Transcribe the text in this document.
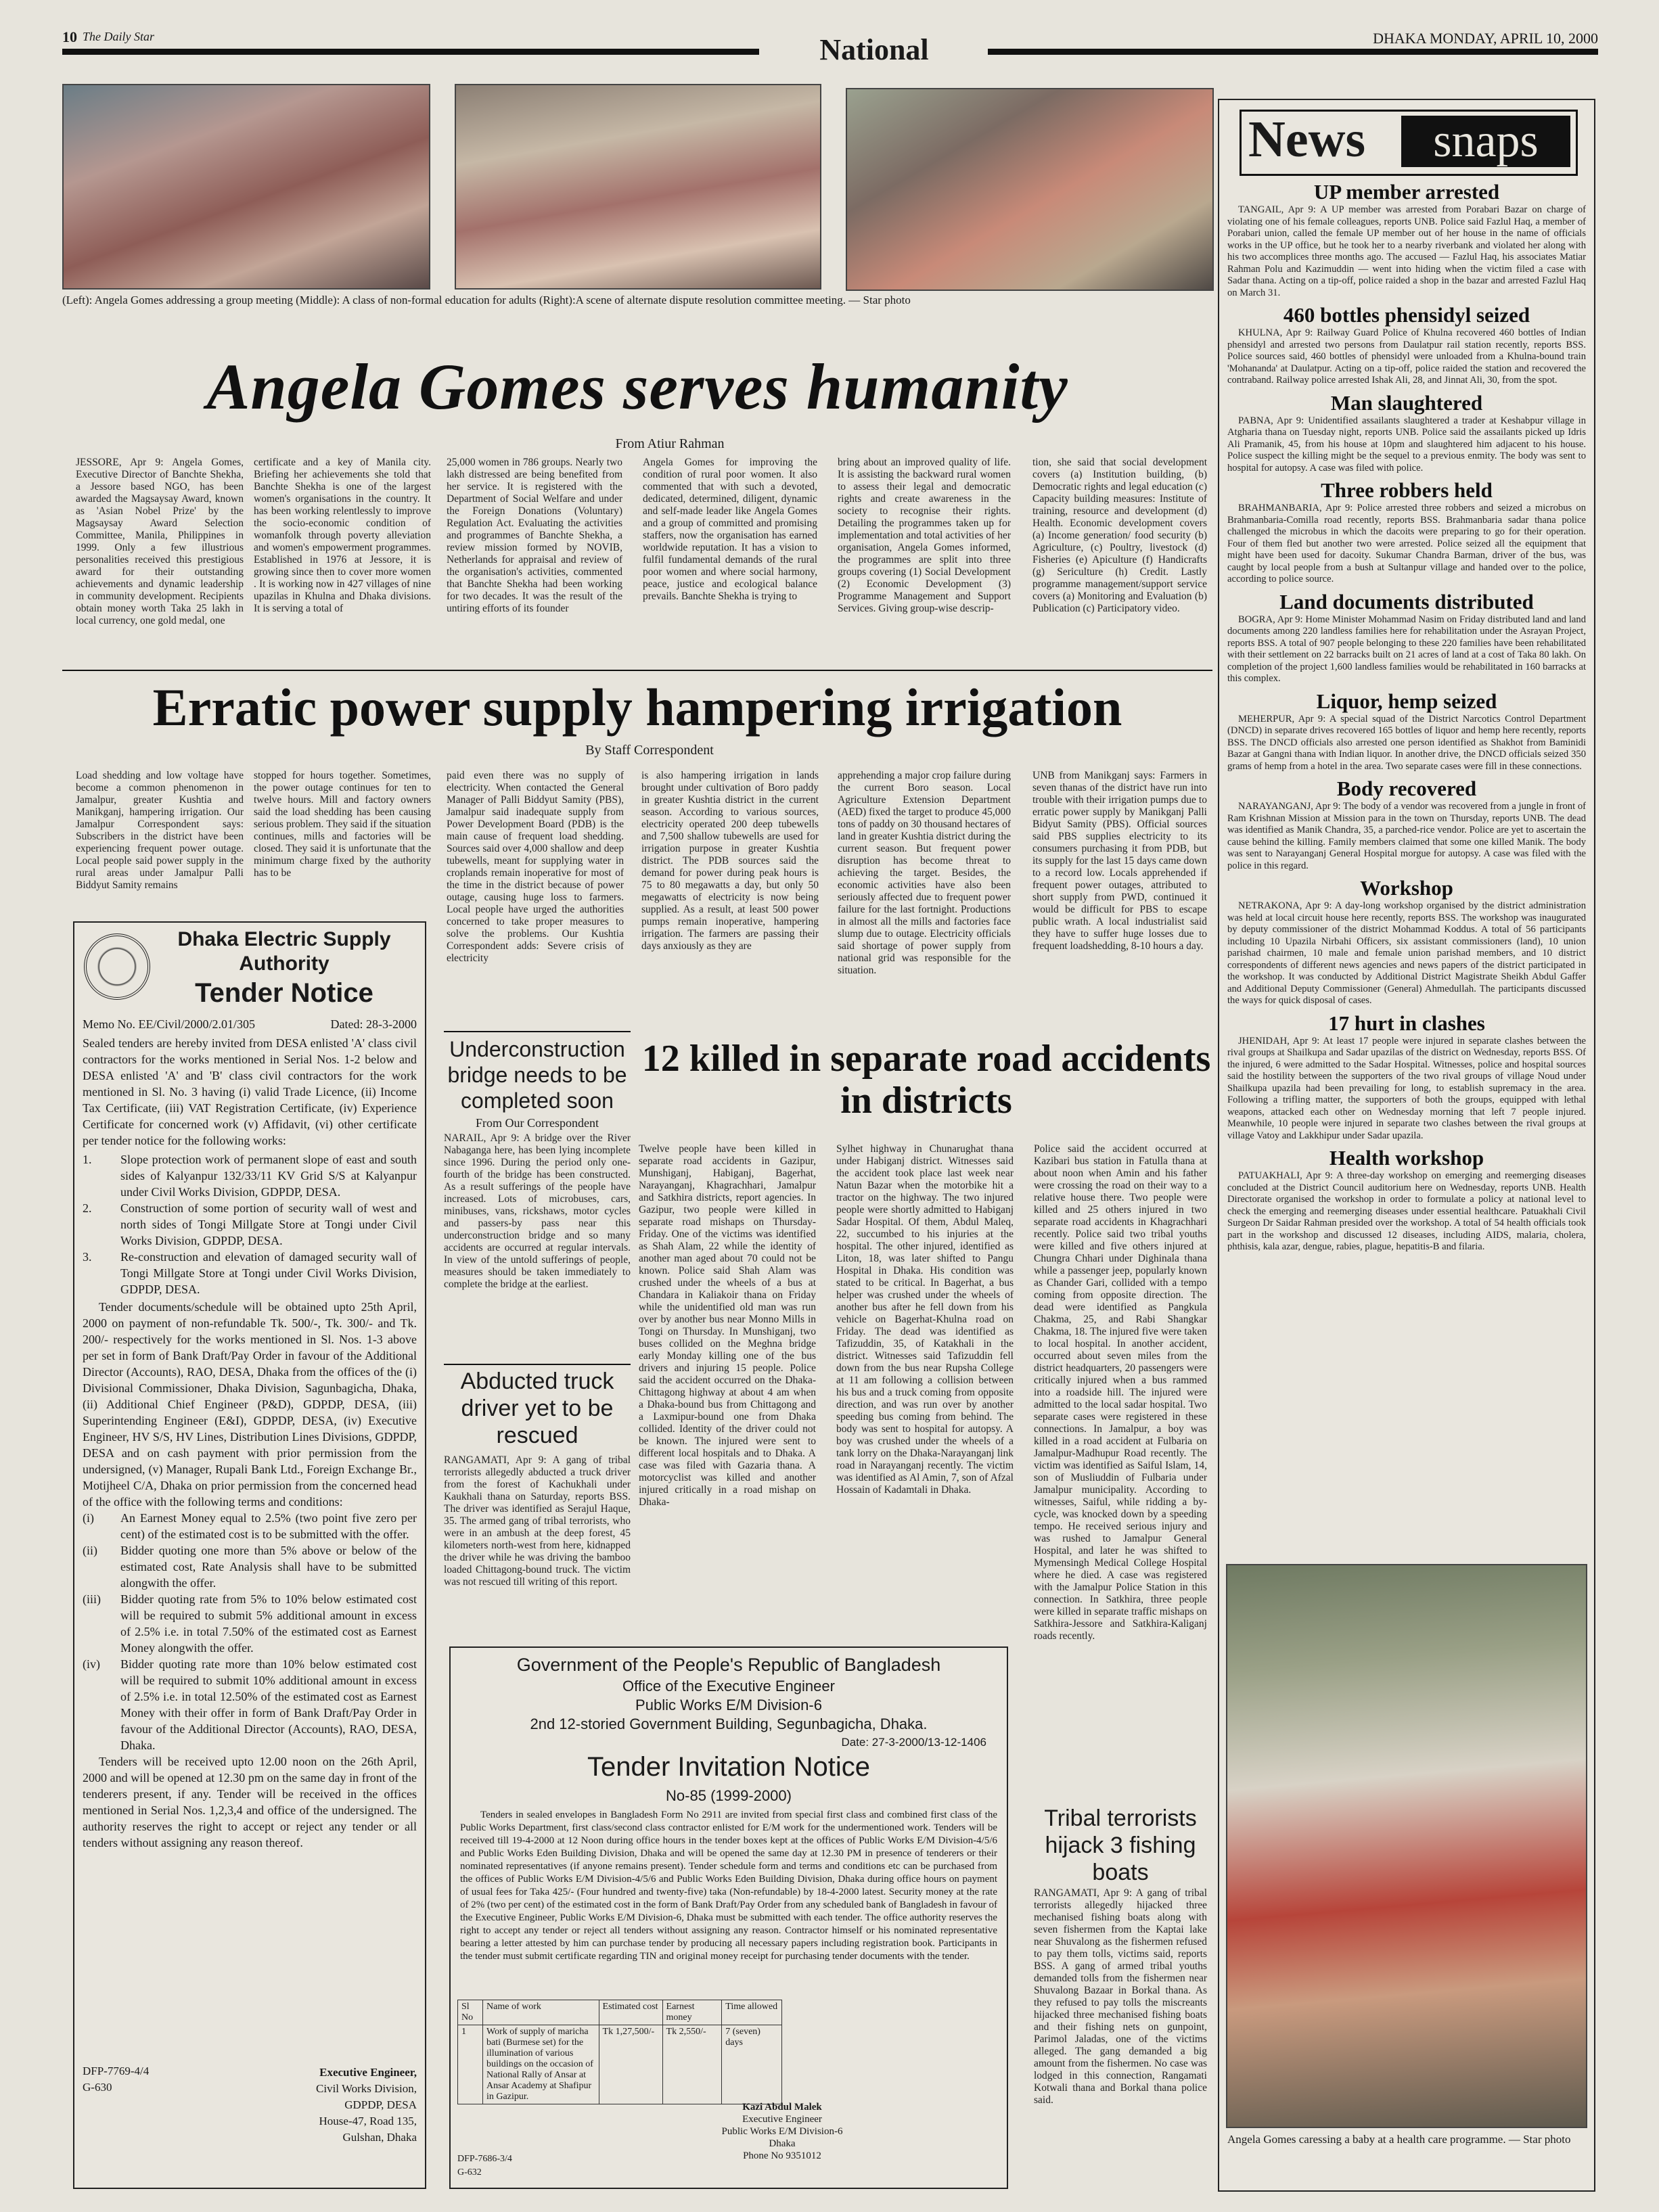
10 The Daily Star	National	DHAKA MONDAY, APRIL 10, 2000
(Left): Angela Gomes addressing a group meeting (Middle): A class of non-formal education for adults (Right):A scene of alternate dispute resolution committee meeting. — Star photo
Angela Gomes serves humanity
From Atiur Rahman
JESSORE, Apr 9: Angela Gomes, Executive Director of Banchte Shekha, a Jessore based NGO, has been awarded the Magsaysay Award, known as 'Asian Nobel Prize' by the Magsaysay Award Selection Committee, Manila, Philippines in 1999. Only a few illustrious personalities received this prestigious award for their outstanding achievements and dynamic leadership in community development. Recipients obtain money worth Taka 25 lakh in local currency, one gold medal, one
certificate and a key of Manila city. Briefing her achievements she told that Banchte Shekha is one of the largest women's organisations in the country. It has been working relentlessly to improve the socio-economic condition of womanfolk through poverty alleviation and women's empowerment programmes. Established in 1976 at Jessore, it is growing since then to cover more women . It is working now in 427 villages of nine upazilas in Khulna and Dhaka divisions. It is serving a total of
25,000 women in 786 groups. Nearly two lakh distressed are being benefited from her service. It is registered with the Department of Social Welfare and under the Foreign Donations (Voluntary) Regulation Act. Evaluating the activities and programmes of Banchte Shekha, a review mission formed by NOVIB, Netherlands for appraisal and review of the organisation's activities, commented that Banchte Shekha had been working for two decades. It was the result of the untiring efforts of its founder
Angela Gomes for improving the condition of rural poor women. It also commented that with such a devoted, dedicated, determined, diligent, dynamic and self-made leader like Angela Gomes and a group of committed and promising staffers, now the organisation has earned worldwide reputation. It has a vision to fulfil fundamental demands of the rural poor women and where social harmony, peace, justice and ecological balance prevails. Banchte Shekha is trying to
bring about an improved quality of life. It is assisting the backward rural women to assess their legal and democratic rights and create awareness in the society to recognise their rights. Detailing the programmes taken up for implementation and total activities of her organisation, Angela Gomes informed, the programmes are split into three groups covering (1) Social Development (2) Economic Development (3) Programme Management and Support Services. Giving group-wise descrip-
tion, she said that social development covers (a) Institution building, (b) Democratic rights and legal education (c) Capacity building measures: Institute of training, resource and development (d) Health. Economic development covers (a) Income generation/ food security (b) Agriculture, (c) Poultry, livestock (d) Fisheries (e) Apiculture (f) Handicrafts (g) Sericulture (h) Credit. Lastly programme management/support service covers (a) Monitoring and Evaluation (b) Publication (c) Participatory video.
Erratic power supply hampering irrigation
By Staff Correspondent
Load shedding and low voltage have become a common phenomenon in Jamalpur, greater Kushtia and Manikganj, hampering irrigation. Our Jamalpur Correspondent says: Subscribers in the district have been experiencing frequent power outage. Local people said power supply in the rural areas under Jamalpur Palli Biddyut Samity remains
stopped for hours together. Sometimes, the power outage continues for ten to twelve hours. Mill and factory owners said the load shedding has been causing serious problem. They said if the situation continues, mills and factories will be closed. They said it is unfortunate that the minimum charge fixed by the authority has to be
paid even there was no supply of electricity. When contacted the General Manager of Palli Biddyut Samity (PBS), Jamalpur said inadequate supply from Power Development Board (PDB) is the main cause of frequent load shedding. Sources said over 4,000 shallow and deep tubewells, meant for supplying water in croplands remain inoperative for most of the time in the district because of power outage, causing huge loss to farmers. Local people have urged the authorities concerned to take proper measures to solve the problems. Our Kushtia Correspondent adds: Severe crisis of electricity
is also hampering irrigation in lands brought under cultivation of Boro paddy in greater Kushtia district in the current season. According to various sources, electricity operated 200 deep tubewells and 7,500 shallow tubewells are used for irrigation purpose in greater Kushtia district. The PDB sources said the demand for power during peak hours is 75 to 80 megawatts a day, but only 50 megawatts of electricity is now being supplied. As a result, at least 500 power pumps remain inoperative, hampering irrigation. The farmers are passing their days anxiously as they are
apprehending a major crop failure during the current Boro season. Local Agriculture Extension Department (AED) fixed the target to produce 45,000 tons of paddy on 30 thousand hectares of land in greater Kushtia district during the current season. But frequent power disruption has become threat to achieving the target. Besides, the economic activities have also been seriously affected due to frequent power failure for the last fortnight. Productions in almost all the mills and factories face slump due to outage. Electricity officials said shortage of power supply from national grid was responsible for the situation.
UNB from Manikganj says: Farmers in seven thanas of the district have run into trouble with their irrigation pumps due to erratic power supply by Manikganj Palli Bidyut Samity (PBS). Official sources said PBS supplies electricity to its consumers purchasing it from PDB, but its supply for the last 15 days came down to a record low. Locals apprehended if frequent power outages, attributed to short supply from PWD, continued it would be difficult for PBS to escape public wrath. A local industrialist said they have to suffer huge losses due to frequent loadshedding, 8-10 hours a day.
Dhaka Electric Supply
Authority
Tender Notice
Memo No. EE/Civil/2000/2.01/305	Dated: 28-3-2000
Sealed tenders are hereby invited from DESA enlisted 'A' class civil contractors for the works mentioned in Serial Nos. 1-2 below and DESA enlisted 'A' and 'B' class civil contractors for the work mentioned in Sl. No. 3 having (i) valid Trade Licence, (ii) Income Tax Certificate, (iii) VAT Registration Certificate, (iv) Experience Certificate for concerned work (v) Affidavit, (vi) other certificate per tender notice for the following works:
1.	Slope protection work of permanent slope of east and south sides of Kalyanpur 132/33/11 KV Grid S/S at Kalyanpur under Civil Works Division, GDPDP, DESA.
2.	Construction of some portion of security wall of west and north sides of Tongi Millgate Store at Tongi under Civil Works Division, GDPDP, DESA.
3.	Re-construction and elevation of damaged security wall of Tongi Millgate Store at Tongi under Civil Works Division, GDPDP, DESA.
Tender documents/schedule will be obtained upto 25th April, 2000 on payment of non-refundable Tk. 500/-, Tk. 300/- and Tk. 200/- respectively for the works mentioned in Sl. Nos. 1-3 above per set in form of Bank Draft/Pay Order in favour of the Additional Director (Accounts), RAO, DESA, Dhaka from the offices of the (i) Divisional Commissioner, Dhaka Division, Sagunbagicha, Dhaka, (ii) Additional Chief Engineer (P&D), GDPDP, DESA, (iii) Superintending Engineer (E&I), GDPDP, DESA, (iv) Executive Engineer, HV S/S, HV Lines, Distribution Lines Divisions, GDPDP, DESA and on cash payment with prior permission from the undersigned, (v) Manager, Rupali Bank Ltd., Foreign Exchange Br., Motijheel C/A, Dhaka on prior permission from the concerned head of the office with the following terms and conditions:
(i)	An Earnest Money equal to 2.5% (two point five zero per cent) of the estimated cost is to be submitted with the offer.
(ii)	Bidder quoting one more than 5% above or below of the estimated cost, Rate Analysis shall have to be submitted alongwith the offer.
(iii)	Bidder quoting rate from 5% to 10% below estimated cost will be required to submit 5% additional amount in excess of 2.5% i.e. in total 7.50% of the estimated cost as Earnest Money alongwith the offer.
(iv)	Bidder quoting rate more than 10% below estimated cost will be required to submit 10% additional amount in excess of 2.5% i.e. in total 12.50% of the estimated cost as Earnest Money with their offer in form of Bank Draft/Pay Order in favour of the Additional Director (Accounts), RAO, DESA, Dhaka.
Tenders will be received upto 12.00 noon on the 26th April, 2000 and will be opened at 12.30 pm on the same day in front of the tenderers present, if any. Tender will be received in the offices mentioned in Serial Nos. 1,2,3,4 and office of the undersigned. The authority reserves the right to accept or reject any tender or all tenders without assigning any reason thereof.
DFP-7769-4/4
G-630
Executive Engineer,
Civil Works Division,
GDPDP, DESA
House-47, Road 135,
Gulshan, Dhaka
Underconstruction bridge needs to be completed soon
From Our Correspondent
NARAIL, Apr 9: A bridge over the River Nabaganga here, has been lying incomplete since 1996. During the period only one-fourth of the bridge has been constructed. As a result sufferings of the people have increased. Lots of microbuses, cars, minibuses, vans, rickshaws, motor cycles and passers-by pass near this underconstruction bridge and so many accidents are occurred at regular intervals. In view of the untold sufferings of people, measures should be taken immediately to complete the bridge at the earliest.
Abducted truck driver yet to be rescued
RANGAMATI, Apr 9: A gang of tribal terrorists allegedly abducted a truck driver from the forest of Kachukhali under Kaukhali thana on Saturday, reports BSS. The driver was identified as Serajul Haque, 35. The armed gang of tribal terrorists, who were in an ambush at the deep forest, 45 kilometers north-west from here, kidnapped the driver while he was driving the bamboo loaded Chittagong-bound truck. The victim was not rescued till writing of this report.
12 killed in separate road accidents in districts
Twelve people have been killed in separate road accidents in Gazipur, Munshiganj, Habiganj, Bagerhat, Narayanganj, Khagrachhari, Jamalpur and Satkhira districts, report agencies. In Gazipur, two people were killed in separate road mishaps on Thursday-Friday. One of the victims was identified as Shah Alam, 22 while the identity of another man aged about 70 could not be known. Police said Shah Alam was crushed under the wheels of a bus at Chandara in Kaliakoir thana on Friday while the unidentified old man was run over by another bus near Monno Mills in Tongi on Thursday. In Munshiganj, two buses collided on the Meghna bridge early Monday killing one of the bus drivers and injuring 15 people. Police said the accident occurred on the Dhaka-Chittagong highway at about 4 am when a Dhaka-bound bus from Chittagong and a Laxmipur-bound one from Dhaka collided. Identity of the driver could not be known. The injured were sent to different local hospitals and to Dhaka. A case was filed with Gazaria thana. A motorcyclist was killed and another injured critically in a road mishap on Dhaka-
Sylhet highway in Chunarughat thana under Habiganj district. Witnesses said the accident took place last week near Natun Bazar when the motorbike hit a tractor on the highway. The two injured people were shortly admitted to Habiganj Sadar Hospital. Of them, Abdul Maleq, 22, succumbed to his injuries at the hospital. The other injured, identified as Liton, 18, was later shifted to Pangu Hospital in Dhaka. His condition was stated to be critical. In Bagerhat, a bus helper was crushed under the wheels of another bus after he fell down from his vehicle on Bagerhat-Khulna road on Friday. The dead was identified as Tafizuddin, 35, of Katakhali in the district. Witnesses said Tafizuddin fell down from the bus near Rupsha College at 11 am following a collision between his bus and a truck coming from opposite direction, and was run over by another speeding bus coming from behind. The body was sent to hospital for autopsy. A boy was crushed under the wheels of a tank lorry on the Dhaka-Narayanganj link road in Narayanganj recently. The victim was identified as Al Amin, 7, son of Afzal Hossain of Kadamtali in Dhaka.
Police said the accident occurred at Kazibari bus station in Fatulla thana at about noon when Amin and his father were crossing the road on their way to a relative house there. Two people were killed and 25 others injured in two separate road accidents in Khagrachhari recently. Police said two tribal youths were killed and five others injured at Chungra Chhari under Dighinala thana while a passenger jeep, popularly known as Chander Gari, collided with a tempo coming from opposite direction. The dead were identified as Pangkula Chakma, 25, and Rabi Shangkar Chakma, 18. The injured five were taken to local hospital. In another accident, occurred about seven miles from the district headquarters, 20 passengers were critically injured when a bus rammed into a roadside hill. The injured were admitted to the local sadar hospital. Two separate cases were registered in these connections. In Jamalpur, a boy was killed in a road accident at Fulbaria on Jamalpur-Madhupur Road recently. The victim was identified as Saiful Islam, 14, son of Musliuddin of Fulbaria under Jamalpur municipality. According to witnesses, Saiful, while ridding a by-cycle, was knocked down by a speeding tempo. He received serious injury and was rushed to Jamalpur General Hospital, and later he was shifted to Mymensingh Medical College Hospital where he died. A case was registered with the Jamalpur Police Station in this connection. In Satkhira, three people were killed in separate traffic mishaps on Satkhira-Jessore and Satkhira-Kaliganj roads recently.
Government of the People's Republic of Bangladesh
Office of the Executive Engineer
Public Works E/M Division-6
2nd 12-storied Government Building, Segunbagicha, Dhaka.
Date: 27-3-2000/13-12-1406
Tender Invitation Notice
No-85 (1999-2000)
Tenders in sealed envelopes in Bangladesh Form No 2911 are invited from special first class and combined first class of the Public Works Department, first class/second class contractor enlisted for E/M work for the undermentioned work. Tenders will be received till 19-4-2000 at 12 Noon during office hours in the tender boxes kept at the offices of Public Works E/M Division-4/5/6 and Public Works Eden Building Division, Dhaka and will be opened the same day at 12.30 PM in presence of tenderers or their nominated representatives (if anyone remains present). Tender schedule form and terms and conditions etc can be purchased from the offices of Public Works E/M Division-4/5/6 and Public Works Eden Building Division, Dhaka during office hours on payment of usual fees for Taka 425/- (Four hundred and twenty-five) taka (Non-refundable) by 18-4-2000 latest. Security money at the rate of 2% (two per cent) of the estimated cost in the form of Bank Draft/Pay Order from any scheduled bank of Bangladesh in favour of the Executive Engineer, Public Works E/M Division-6, Dhaka must be submitted with each tender. The office authority reserves the right to accept any tender or reject all tenders without assigning any reason. Contractor himself or his nominated representative bearing a letter attested by him can purchase tender by producing all necessary papers including registration book. Participants in the tender must submit certificate regarding TIN and original money receipt for purchasing tender documents with the tender.
Sl No	Name of work	Estimated cost	Earnest money	Time allowed
1	Work of supply of maricha bati (Burmese set) for the illumination of various buildings on the occasion of National Rally of Ansar at Ansar Academy at Shafipur in Gazipur.	Tk 1,27,500/-	Tk 2,550/-	7 (seven) days
Kazi Abdul Malek
Executive Engineer
Public Works E/M Division-6
Dhaka
Phone No 9351012
DFP-7686-3/4
G-632
Tribal terrorists hijack 3 fishing boats
RANGAMATI, Apr 9: A gang of tribal terrorists allegedly hijacked three mechanised fishing boats along with seven fishermen from the Kaptai lake near Shuvalong as the fishermen refused to pay them tolls, victims said, reports BSS. A gang of armed tribal youths demanded tolls from the fishermen near Shuvalong Bazaar in Borkal thana. As they refused to pay tolls the miscreants hijacked three mechanised fishing boats and their fishing nets on gunpoint, Parimol Jaladas, one of the victims alleged. The gang demanded a big amount from the fishermen. No case was lodged in this connection, Rangamati Kotwali thana and Borkal thana police said.
News	snaps

UP member arrested

TANGAIL, Apr 9: A UP member was arrested from Porabari Bazar on charge of violating one of his female colleagues, reports UNB. Police said Fazlul Haq, a member of Porabari union, called the female UP member out of her house in the name of officials works in the UP office, but he took her to a nearby riverbank and violated her along with his two accomplices three months ago. The accused — Fazlul Haq, his associates Matiar Rahman Polu and Kazimuddin — went into hiding when the victim filed a case with Sadar thana. Acting on a tip-off, police raided a shop in the bazar and arrested Fazlul Haq on March 31.

460 bottles phensidyl seized

KHULNA, Apr 9: Railway Guard Police of Khulna recovered 460 bottles of Indian phensidyl and arrested two persons from Daulatpur rail station recently, reports BSS. Police sources said, 460 bottles of phensidyl were unloaded from a Khulna-bound train 'Mohananda' at Daulatpur. Acting on a tip-off, police raided the station and recovered the contraband. Railway police arrested Ishak Ali, 28, and Jinnat Ali, 30, from the spot.

Man slaughtered

PABNA, Apr 9: Unidentified assailants slaughtered a trader at Keshabpur village in Atgharia thana on Tuesday night, reports UNB. Police said the assailants picked up Idris Ali Pramanik, 45, from his house at 10pm and slaughtered him adjacent to his house. Police suspect the killing might be the sequel to a previous enmity. The body was sent to hospital for autopsy. A case was filed with police.

Three robbers held

BRAHMANBARIA, Apr 9: Police arrested three robbers and seized a microbus on Brahmanbaria-Comilla road recently, reports BSS. Brahmanbaria sadar thana police challenged the microbus in which the dacoits were preparing to go for their operation. Four of them fled but another two were arrested. Police seized all the equipment that might have been used for dacoity. Sukumar Chandra Barman, driver of the bus, was caught by local people from a bush at Sultanpur village and handed over to the police, according to police source.

Land documents distributed

BOGRA, Apr 9: Home Minister Mohammad Nasim on Friday distributed land and land documents among 220 landless families here for rehabilitation under the Asrayan Project, reports BSS. A total of 907 people belonging to these 220 families have been rehabilitated with their settlement on 22 barracks built on 21 acres of land at a cost of Taka 80 lakh. On completion of the project 1,600 landless families would be rehabilitated in 160 barracks at this complex.

Liquor, hemp seized

MEHERPUR, Apr 9: A special squad of the District Narcotics Control Department (DNCD) in separate drives recovered 165 bottles of liquor and hemp here recently, reports BSS. The DNCD officials also arrested one person identified as Shakhot from Baminidi Bazar at Gangni thana with Indian liquor. In another drive, the DNCD officials seized 350 grams of hemp from a hotel in the area. Two separate cases were fill in these connections.

Body recovered

NARAYANGANJ, Apr 9: The body of a vendor was recovered from a jungle in front of Ram Krishnan Mission at Mission para in the town on Thursday, reports UNB. The dead was identified as Manik Chandra, 35, a parched-rice vendor. Police are yet to ascertain the cause behind the killing. Family members claimed that some one killed Manik. The body was sent to Narayanganj General Hospital morgue for autopsy. A case was filed with the police in this regard.

Workshop

NETRAKONA, Apr 9: A day-long workshop organised by the district administration was held at local circuit house here recently, reports BSS. The workshop was inaugurated by deputy commissioner of the district Mohammad Koddus. A total of 56 participants including 10 Upazila Nirbahi Officers, six assistant commissioners (land), 10 union parishad chairmen, 10 male and female union parishad members, and 10 district correspondents of different news agencies and news papers of the district participated in the workshop. It was conducted by Additional District Magistrate Sheikh Abdul Gaffer and Additional Deputy Commissioner (General) Ahmedullah. The participants discussed the ways for quick disposal of cases.

17 hurt in clashes

JHENIDAH, Apr 9: At least 17 people were injured in separate clashes between the rival groups at Shailkupa and Sadar upazilas of the district on Wednesday, reports BSS. Of the injured, 6 were admitted to the Sadar Hospital. Witnesses, police and hospital sources said the hostility between the supporters of the two rival groups of village Noud under Shailkupa upazila had been prevailing for long, to establish supremacy in the area. Following a trifling matter, the supporters of both the groups, equipped with lethal weapons, attacked each other on Wednesday morning that left 7 people injured. Meanwhile, 10 people were injured in separate two clashes between the rival groups at village Vatoy and Lakkhipur under Sadar upazila.

Health workshop

PATUAKHALI, Apr 9: A three-day workshop on emerging and reemerging diseases concluded at the District Council auditorium here on Wednesday, reports UNB. Health Directorate organised the workshop in order to formulate a policy at national level to check the emerging and reemerging diseases under essential healthcare. Patuakhali Civil Surgeon Dr Saidar Rahman presided over the workshop. A total of 54 health officials took part in the workshop and discussed 12 diseases, including AIDS, malaria, cholera, phthisis, kala azar, dengue, rabies, plague, hepatitis-B and filaria.
Angela Gomes caressing a baby at a health care programme. — Star photo
